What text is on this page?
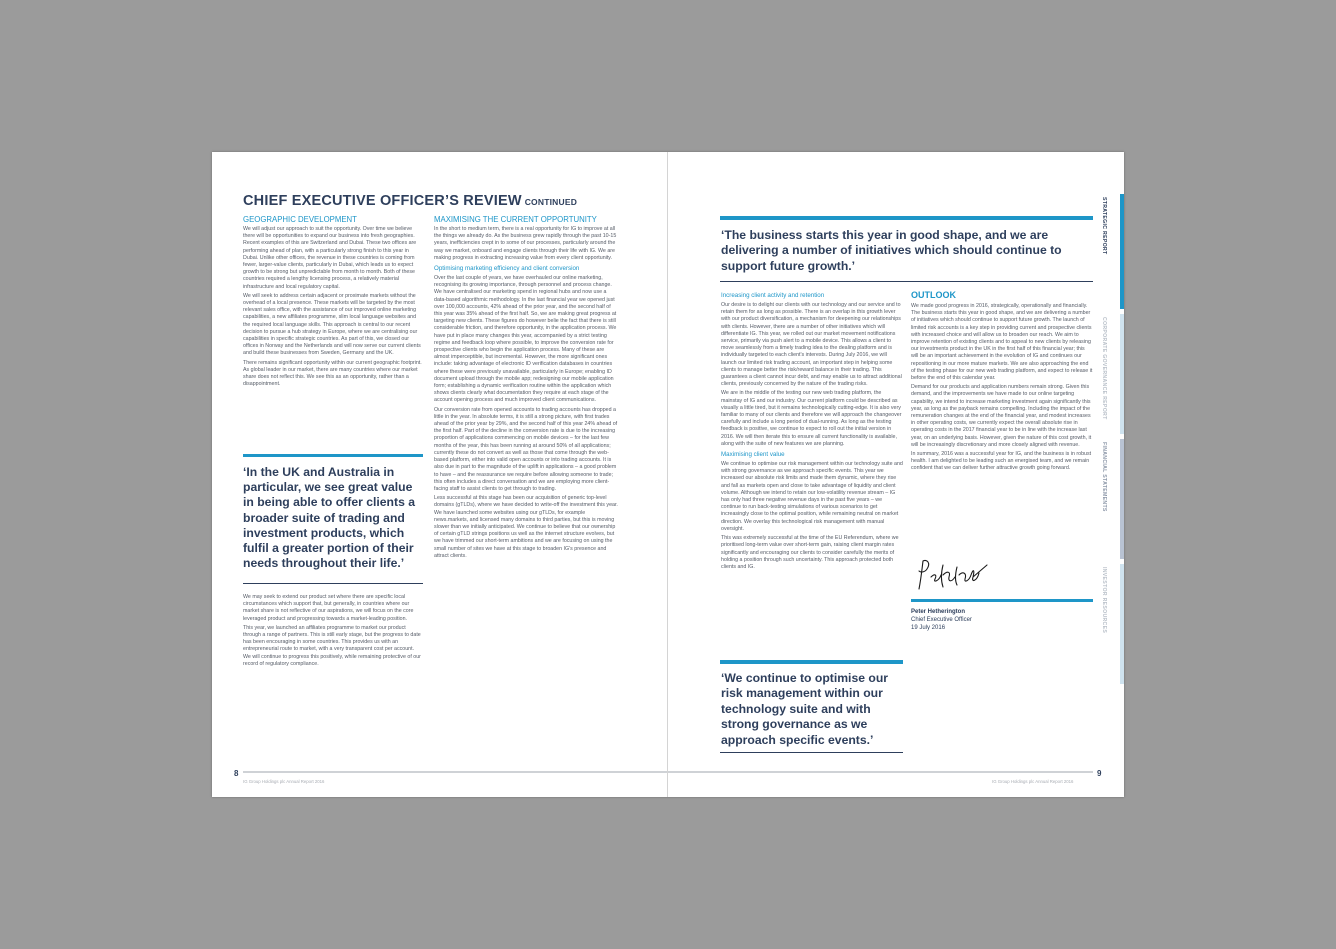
CHIEF EXECUTIVE OFFICER’S REVIEW CONTINUED
GEOGRAPHIC DEVELOPMENT

We will adjust our approach to suit the opportunity. Over time we believe there will be opportunities to expand our business into fresh geographies. Recent examples of this are Switzerland and Dubai. These two offices are performing ahead of plan, with a particularly strong finish to this year in Dubai. Unlike other offices, the revenue in these countries is coming from fewer, larger-value clients, particularly in Dubai, which leads us to expect growth to be strong but unpredictable from month to month. Both of these countries required a lengthy licensing process, a relatively material infrastructure and local regulatory capital.

We will seek to address certain adjacent or proximate markets without the overhead of a local presence. These markets will be targeted by the most relevant sales office, with the assistance of our improved online marketing capabilities, a new affiliates programme, slim local language websites and the required local language skills. This approach is central to our recent decision to pursue a hub strategy in Europe, where we are centralising our capabilities in specific strategic countries. As part of this, we closed our offices in Norway and the Netherlands and will now serve our current clients and build these businesses from Sweden, Germany and the UK.

There remains significant opportunity within our current geographic footprint. As global leader in our market, there are many countries where our market share does not reflect this. We see this as an opportunity, rather than a disappointment.

‘In the UK and Australia in particular, we see great value in being able to offer clients a broader suite of trading and investment products, which fulfil a greater portion of their needs throughout their life.’

We may seek to extend our product set where there are specific local circumstances which support that, but generally, in countries where our market share is not reflective of our aspirations, we will focus on the core leveraged product and progressing towards a market-leading position.

This year, we launched an affiliates programme to market our product through a range of partners. This is still early stage, but the progress to date has been encouraging in some countries. This provides us with an entrepreneurial route to market, with a very transparent cost per account. We will continue to progress this positively, while remaining protective of our record of regulatory compliance.

MAXIMISING THE CURRENT OPPORTUNITY

In the short to medium term, there is a real opportunity for IG to improve at all the things we already do. As the business grew rapidly through the past 10-15 years, inefficiencies crept in to some of our processes, particularly around the way we market, onboard and engage clients through their life with IG. We are making progress in extracting increasing value from every client opportunity.

Optimising marketing efficiency and client conversion

Over the last couple of years, we have overhauled our online marketing, recognising its growing importance, through personnel and process change. We have centralised our marketing spend in regional hubs and now use a data-based algorithmic methodology. In the last financial year we opened just over 100,000 accounts, 42% ahead of the prior year, and the second half of this year was 35% ahead of the first half. So, we are making great progress at targeting new clients. These figures do however belie the fact that there is still considerable friction, and therefore opportunity, in the application process. We have put in place many changes this year, accompanied by a strict testing regime and feedback loop where possible, to improve the conversion rate for prospective clients who begin the application process. Many of these are almost imperceptible, but incremental. However, the more significant ones include: taking advantage of electronic ID verification databases in countries where these were previously unavailable, particularly in Europe; enabling ID document upload through the mobile app; redesigning our mobile application form; establishing a dynamic verification routine within the application which shows clients clearly what documentation they require at each stage of the account opening process and much improved client communications.

Our conversion rate from opened accounts to trading accounts has dropped a little in the year. In absolute terms, it is still a strong picture, with first trades ahead of the prior year by 29%, and the second half of this year 24% ahead of the first half. Part of the decline in the conversion rate is due to the increasing proportion of applications commencing on mobile devices – for the last few months of the year, this has been running at around 50% of all applications; currently these do not convert as well as those that come through the web-based platform, either into valid open accounts or into trading accounts. It is also due in part to the magnitude of the uplift in applications – a good problem to have – and the reassurance we require before allowing someone to trade; this often includes a direct conversation and we are employing more client-facing staff to assist clients to get through to trading.

Less successful at this stage has been our acquisition of generic top-level domains (gTLDs), where we have decided to write-off the investment this year. We have launched some websites using our gTLDs, for example news.markets, and licensed many domains to third parties, but this is moving slower than we initially anticipated. We continue to believe that our ownership of certain gTLD strings positions us well as the internet structure evolves, but we have trimmed our short-term ambitions and we are focusing on using the small number of sites we have at this stage to broaden IG's presence and attract clients.

8
IG Group Holdings plc Annual Report 2016
‘The business starts this year in good shape, and we are delivering a number of initiatives which should continue to support future growth.’
Increasing client activity and retention

Our desire is to delight our clients with our technology and our service and to retain them for as long as possible. There is an overlap in this growth lever with our product diversification, a mechanism for deepening our relationships with clients. However, there are a number of other initiatives which will differentiate IG. This year, we rolled out our market movement notifications service, primarily via push alert to a mobile device. This allows a client to move seamlessly from a timely trading idea to the dealing platform and is individually targeted to each client's interests. During July 2016, we will launch our limited risk trading account, an important step in helping some clients to manage better the risk/reward balance in their trading. This guarantees a client cannot incur debt, and may enable us to attract additional clients, previously concerned by the nature of the trading risks.

We are in the middle of the testing our new web trading platform, the mainstay of IG and our industry. Our current platform could be described as visually a little tired, but it remains technologically cutting-edge. It is also very familiar to many of our clients and therefore we will approach the changeover carefully and include a long period of dual-running. As long as the testing feedback is positive, we continue to expect to roll out the initial version in 2016. We will then iterate this to ensure all current functionality is available, along with the suite of new features we are planning.

Maximising client value

We continue to optimise our risk management within our technology suite and with strong governance as we approach specific events. This year we increased our absolute risk limits and made them dynamic, where they rise and fall as markets open and close to take advantage of liquidity and client volume. Although we intend to retain our low-volatility revenue stream – IG has only had three negative revenue days in the past five years – we continue to run back-testing simulations of various scenarios to get increasingly close to the optimal position, while remaining neutral on market direction. We overlay this technological risk management with manual oversight.

This was extremely successful at the time of the EU Referendum, where we prioritised long-term value over short-term gain, raising client margin rates significantly and encouraging our clients to consider carefully the merits of holding a position through such uncertainty. This approach protected both clients and IG.

‘We continue to optimise our risk management within our technology suite and with strong governance as we approach specific events.’
OUTLOOK

We made good progress in 2016, strategically, operationally and financially. The business starts this year in good shape, and we are delivering a number of initiatives which should continue to support future growth. The launch of limited risk accounts is a key step in providing current and prospective clients with increased choice and will allow us to broaden our reach. We aim to improve retention of existing clients and to appeal to new clients by releasing our investments product in the UK in the first half of this financial year; this will be an important achievement in the evolution of IG and continues our repositioning in our more mature markets. We are also approaching the end of the testing phase for our new web trading platform, and expect to release it before the end of this calendar year.

Demand for our products and application numbers remain strong. Given this demand, and the improvements we have made to our online targeting capability, we intend to increase marketing investment again significantly this year, as long as the payback remains compelling. Including the impact of the remuneration changes at the end of the financial year, and modest increases in other operating costs, we currently expect the overall absolute rise in operating costs in the 2017 financial year to be in line with the increase last year, on an underlying basis. However, given the nature of this cost growth, it will be increasingly discretionary and more closely aligned with revenue.

In summary, 2016 was a successful year for IG, and the business is in robust health. I am delighted to be leading such an energised team, and we remain confident that we can deliver further attractive growth going forward.

Peter Hetherington
Chief Executive Officer
19 July 2016
9
IG Group Holdings plc Annual Report 2016
STRATEGIC REPORT
CORPORATE GOVERNANCE REPORT
FINANCIAL STATEMENTS
INVESTOR RESOURCES
